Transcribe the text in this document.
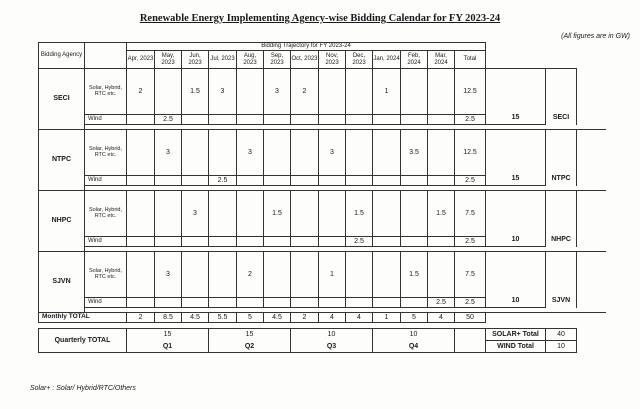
Renewable Energy Implementing Agency-wise Bidding Calendar for FY 2023-24
(All figures are in GW)
Bidding Agency		Bidding Trajectory for FY 2023-24															
		Apr, 2023	May, 2023	Jun, 2023	Jul, 2023	Aug, 2023	Sep, 2023	Oct, 2023	Nov, 2023	Dec, 2023	Jan, 2024	Feb, 2024	Mar, 2024	Total			
SECI	Solar, Hybrid, RTC etc.	2		1.5	3		3	2			1			12.5			
															15	SECI	
	Wind		2.5											2.5			

NTPC	Solar, Hybrid, RTC etc.		3			3			3			3.5		12.5			
															15	NTPC	
	Wind				2.5									2.5			

NHPC	Solar, Hybrid, RTC etc.			3			1.5			1.5			1.5	7.5			
															10	NHPC	
	Wind									2.5				2.5			

SJVN	Solar, Hybrid, RTC etc.		3			2			1			1.5		7.5			
															10	SJVN	
	Wind												2.5	2.5			

Monthly TOTAL		2	8.5	4.5	5.5	5	4.5	2	4	4	1	5	4	50			

Quarterly TOTAL		15			15			10			10				SOLAR+ Total	40	
		Q1			Q2			Q3			Q4				WIND Total	10	
Solar+ : Solar/ Hybrid/RTC/Others
